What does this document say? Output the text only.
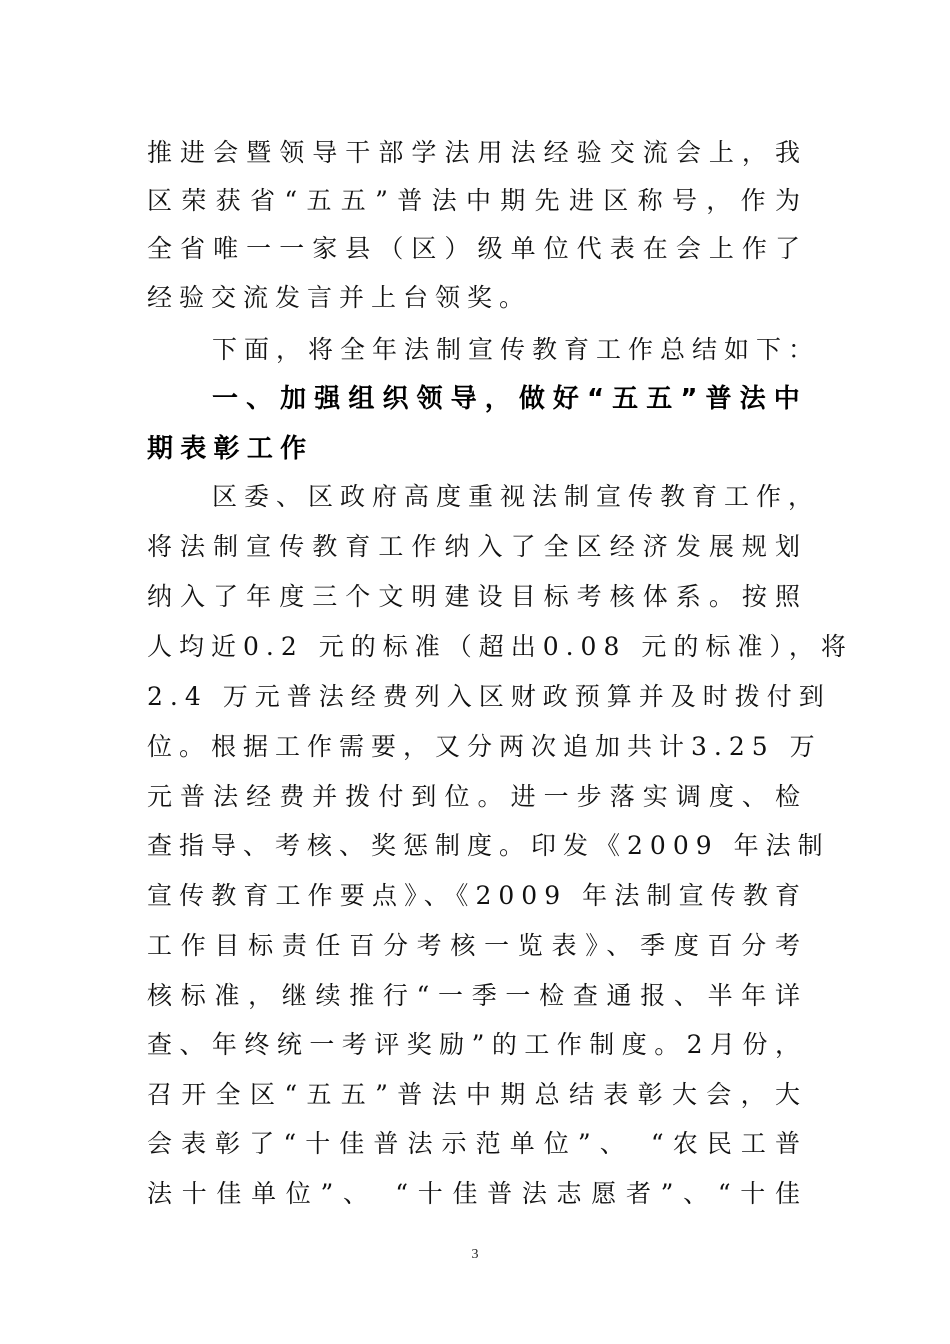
推进会暨领导干部学法用法经验交流会上，我
区荣获省“五五”普法中期先进区称号，作为
全省唯一一家县（区）级单位代表在会上作了
经验交流发言并上台领奖。
下面，将全年法制宣传教育工作总结如下：
一、加强组织领导，做好“五五”普法中
期表彰工作
区委、区政府高度重视法制宣传教育工作，
将法制宣传教育工作纳入了全区经济发展规划
纳入了年度三个文明建设目标考核体系。按照
人均近0.2 元的标准（超出0.08 元的标准），将
2.4 万元普法经费列入区财政预算并及时拨付到
位。根据工作需要，又分两次追加共计3.25 万
元普法经费并拨付到位。进一步落实调度、检
查指导、考核、奖惩制度。印发《2009 年法制
宣传教育工作要点》、《2009 年法制宣传教育
工作目标责任百分考核一览表》、季度百分考
核标准，继续推行“一季一检查通报、半年详
查、年终统一考评奖励”的工作制度。2月份，
召开全区“五五”普法中期总结表彰大会，大
会表彰了“十佳普法示范单位”、 “农民工普
法十佳单位”、 “十佳普法志愿者”、“十佳
3
